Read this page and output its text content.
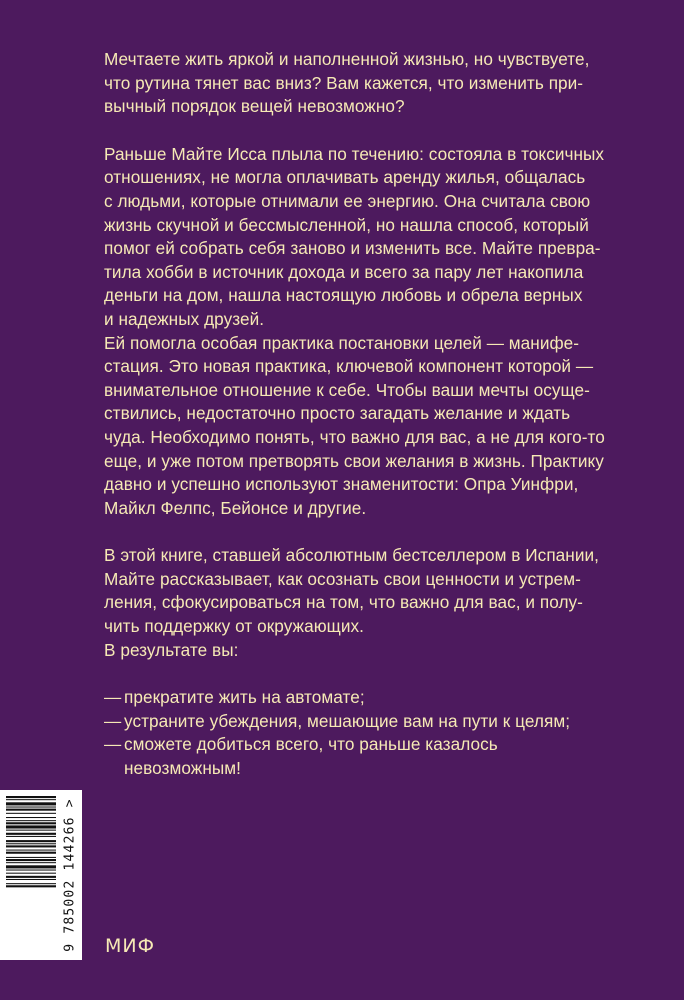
Мечтаете жить яркой и наполненной жизнью, но чувствуете,
что рутина тянет вас вниз? Вам кажется, что изменить при-
вычный порядок вещей невозможно?

Раньше Майте Исса плыла по течению: состояла в токсичных
отношениях, не могла оплачивать аренду жилья, общалась
с людьми, которые отнимали ее энергию. Она считала свою
жизнь скучной и бессмысленной, но нашла способ, который
помог ей собрать себя заново и изменить все. Майте превра-
тила хобби в источник дохода и всего за пару лет накопила
деньги на дом, нашла настоящую любовь и обрела верных
и надежных друзей.

Ей помогла особая практика постановки целей — манифе-
стация. Это новая практика, ключевой компонент которой —
внимательное отношение к себе. Чтобы ваши мечты осуще-
ствились, недостаточно просто загадать желание и ждать
чуда. Необходимо понять, что важно для вас, а не для кого-то
еще, и уже потом претворять свои желания в жизнь. Практику
давно и успешно используют знаменитости: Опра Уинфри,
Майкл Фелпс, Бейонсе и другие.

В этой книге, ставшей абсолютным бестселлером в Испании,
Майте рассказывает, как осознать свои ценности и устрем-
ления, сфокусироваться на том, что важно для вас, и полу-
чить поддержку от окружающих.

В результате вы:

— прекратите жить на автомате;
— устраните убеждения, мешающие вам на пути к целям;
— сможете добиться всего, что раньше казалось
невозможным!
9 785002 144266 > МИФ
